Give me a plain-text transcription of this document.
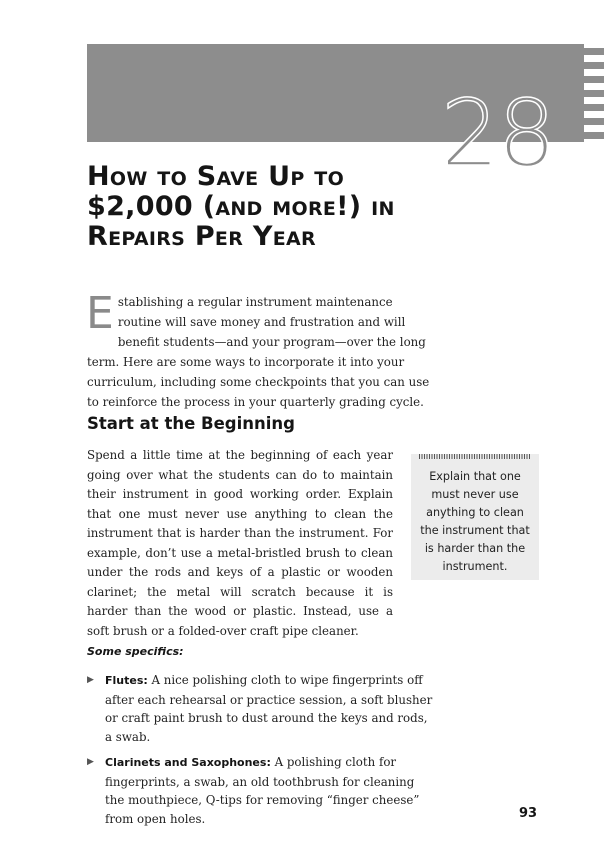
28
How to Save Up to
$2,000 (and more!) in
Repairs Per Year

Establishing a regular instrument maintenance routine will save money and frustration and will benefit students—and your program—over the long term. Here are some ways to incorporate it into your curriculum, including some checkpoints that you can use to reinforce the process in your quarterly grading cycle.

Start at the Beginning

Spend a little time at the beginning of each year going over what the students can do to maintain their instrument in good working order. Explain that one must never use anything to clean the instrument that is harder than the instrument. For example, don’t use a metal-bristled brush to clean under the rods and keys of a plastic or wooden clarinet; the metal will scratch because it is harder than the wood or plastic. Instead, use a soft brush or a folded-over craft pipe cleaner.

Explain that one must never use anything to clean the instrument that is harder than the instrument.
Some specifics:
▶ Flutes: A nice polishing cloth to wipe fingerprints off after each rehearsal or practice session, a soft blusher or craft paint brush to dust around the keys and rods, a swab.
▶ Clarinets and Saxophones: A polishing cloth for fingerprints, a swab, an old toothbrush for cleaning the mouthpiece, Q-tips for removing “finger cheese” from open holes.	93
